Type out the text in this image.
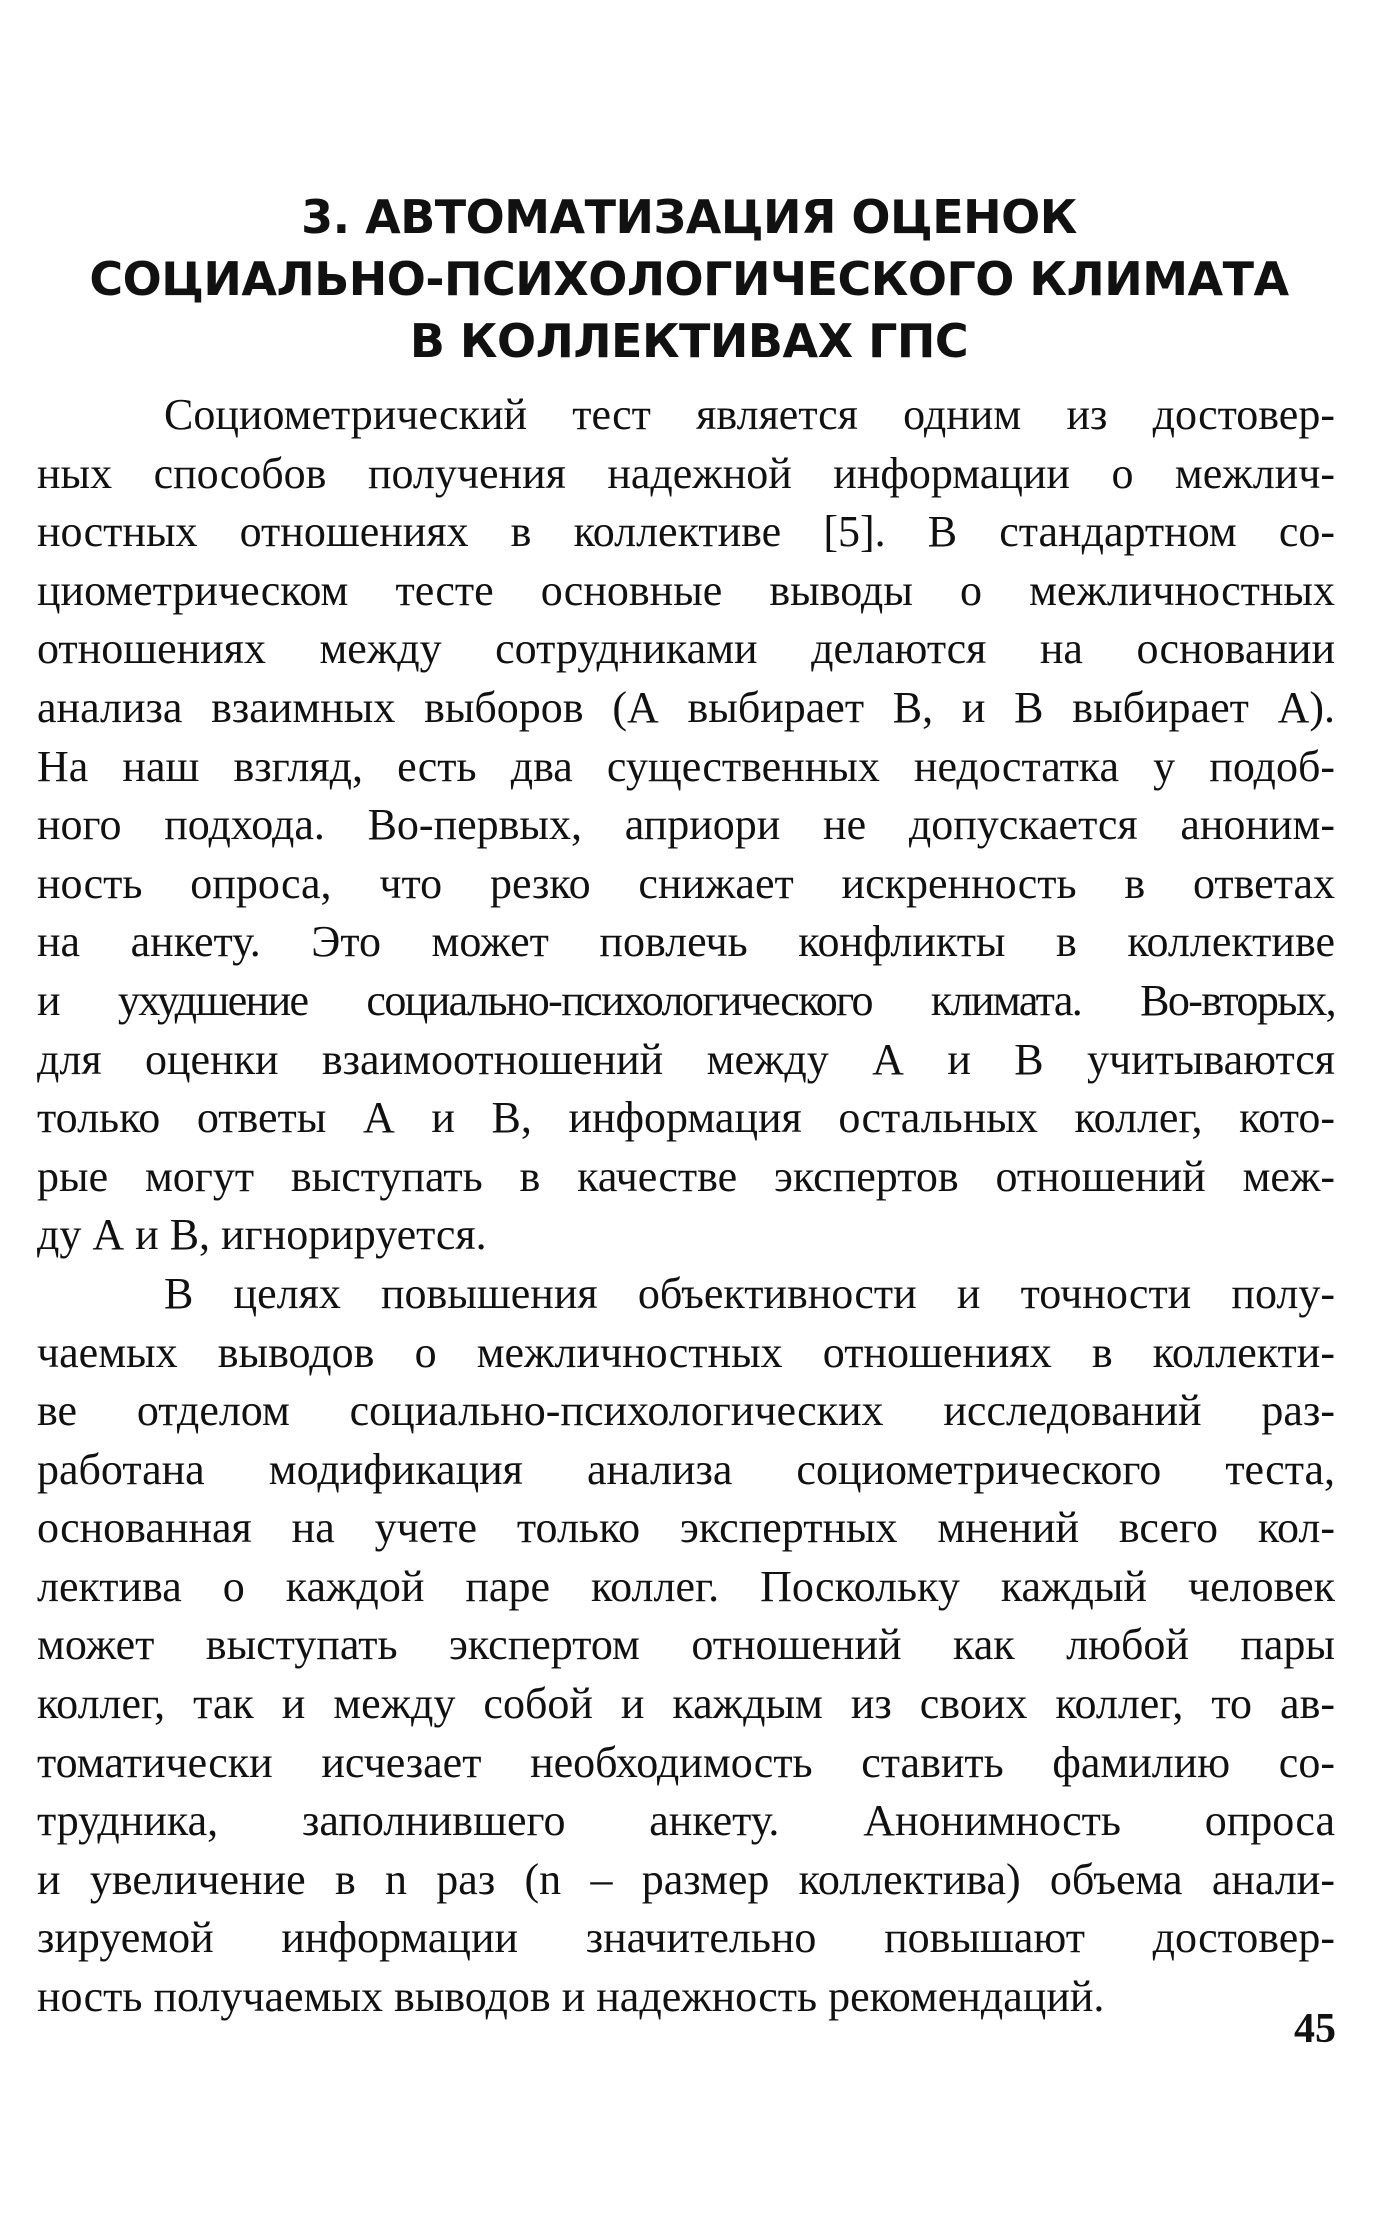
3. АВТОМАТИЗАЦИЯ ОЦЕНОК
СОЦИАЛЬНО-ПСИХОЛОГИЧЕСКОГО КЛИМАТА
В КОЛЛЕКТИВАХ ГПС
Социометрический тест является одним из достовер-
ных способов получения надежной информации о межлич-
ностных отношениях в коллективе [5]. В стандартном со-
циометрическом тесте основные выводы о межличностных
отношениях между сотрудниками делаются на основании
анализа взаимных выборов (А выбирает В, и В выбирает А).
На наш взгляд, есть два существенных недостатка у подоб-
ного подхода. Во-первых, априори не допускается аноним-
ность опроса, что резко снижает искренность в ответах
на анкету. Это может повлечь конфликты в коллективе
и ухудшение социально-психологического климата. Во-вторых,
для оценки взаимоотношений между А и В учитываются
только ответы А и В, информация остальных коллег, кото-
рые могут выступать в качестве экспертов отношений меж-
ду А и В, игнорируется.
В целях повышения объективности и точности полу-
чаемых выводов о межличностных отношениях в коллекти-
ве отделом социально-психологических исследований раз-
работана модификация анализа социометрического теста,
основанная на учете только экспертных мнений всего кол-
лектива о каждой паре коллег. Поскольку каждый человек
может выступать экспертом отношений как любой пары
коллег, так и между собой и каждым из своих коллег, то ав-
томатически исчезает необходимость ставить фамилию со-
трудника, заполнившего анкету. Анонимность опроса
и увеличение в n раз (n – размер коллектива) объема анали-
зируемой информации значительно повышают достовер-
ность получаемых выводов и надежность рекомендаций.
45
